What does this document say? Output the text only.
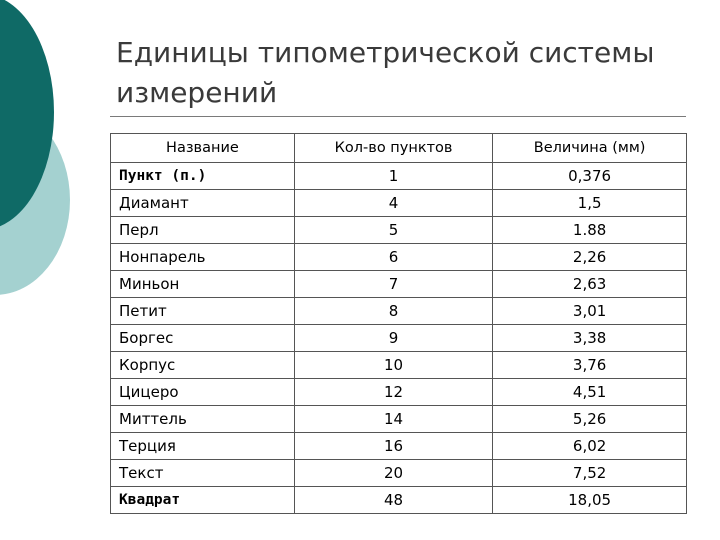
Единицы типометрической системы
измерений
Название	Кол-во пунктов	Величина (мм)
Пункт (п.)	1	0,376
Диамант	4	1,5
Перл	5	1.88
Нонпарель	6	2,26
Миньон	7	2,63
Петит	8	3,01
Боргес	9	3,38
Корпус	10	3,76
Цицеро	12	4,51
Миттель	14	5,26
Терция	16	6,02
Текст	20	7,52
Квадрат	48	18,05
